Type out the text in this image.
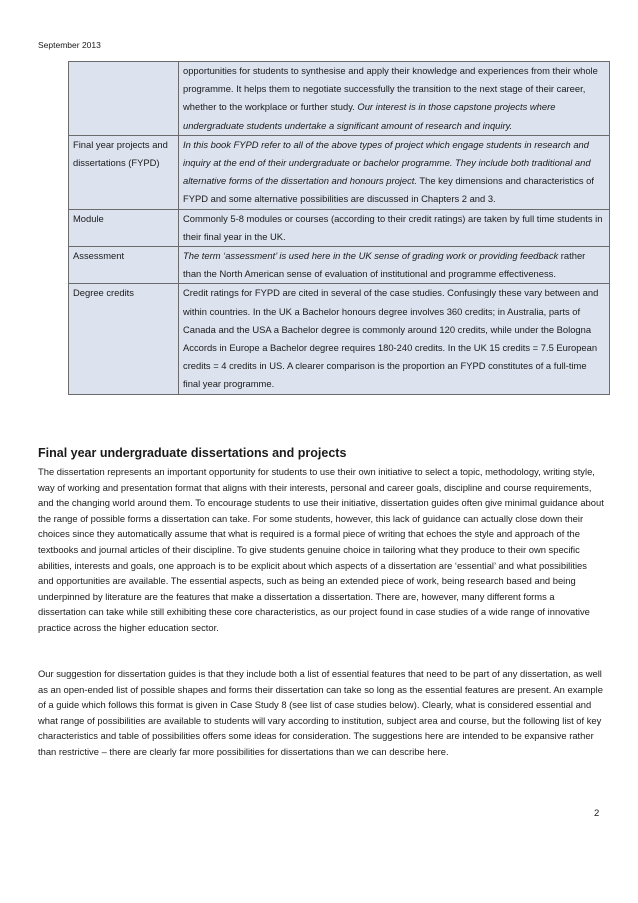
September 2013
	opportunities for students to synthesise and apply their knowledge and experiences from their whole programme. It helps them to negotiate successfully the transition to the next stage of their career, whether to the workplace or further study. Our interest is in those capstone projects where undergraduate students undertake a significant amount of research and inquiry.
Final year projects and dissertations (FYPD)	In this book FYPD refer to all of the above types of project which engage students in research and inquiry at the end of their undergraduate or bachelor programme. They include both traditional and alternative forms of the dissertation and honours project. The key dimensions and characteristics of FYPD and some alternative possibilities are discussed in Chapters 2 and 3.
Module	Commonly 5-8 modules or courses (according to their credit ratings) are taken by full time students in their final year in the UK.
Assessment	The term ‘assessment’ is used here in the UK sense of grading work or providing feedback rather than the North American sense of evaluation of institutional and programme effectiveness.
Degree credits	Credit ratings for FYPD are cited in several of the case studies. Confusingly these vary between and within countries. In the UK a Bachelor honours degree involves 360 credits; in Australia, parts of Canada and the USA a Bachelor degree is commonly around 120 credits, while under the Bologna Accords in Europe a Bachelor degree requires 180-240 credits. In the UK 15 credits = 7.5 European credits = 4 credits in US. A clearer comparison is the proportion an FYPD constitutes of a full-time final year programme.
Final year undergraduate dissertations and projects

The dissertation represents an important opportunity for students to use their own initiative to select a topic, methodology, writing style, way of working and presentation format that aligns with their interests, personal and career goals, discipline and course requirements, and the changing world around them. To encourage students to use their initiative, dissertation guides often give minimal guidance about the range of possible forms a dissertation can take. For some students, however, this lack of guidance can actually close down their choices since they automatically assume that what is required is a formal piece of writing that echoes the style and approach of the textbooks and journal articles of their discipline. To give students genuine choice in tailoring what they produce to their own specific abilities, interests and goals, one approach is to be explicit about which aspects of a dissertation are ‘essential’ and what possibilities and opportunities are available. The essential aspects, such as being an extended piece of work, being research based and being underpinned by literature are the features that make a dissertation a dissertation. There are, however, many different forms a dissertation can take while still exhibiting these core characteristics, as our project found in case studies of a wide range of innovative practice across the higher education sector.

Our suggestion for dissertation guides is that they include both a list of essential features that need to be part of any dissertation, as well as an open-ended list of possible shapes and forms their dissertation can take so long as the essential features are present. An example of a guide which follows this format is given in Case Study 8 (see list of case studies below). Clearly, what is considered essential and what range of possibilities are available to students will vary according to institution, subject area and course, but the following list of key characteristics and table of possibilities offers some ideas for consideration. The suggestions here are intended to be expansive rather than restrictive – there are clearly far more possibilities for dissertations than we can describe here.

2
